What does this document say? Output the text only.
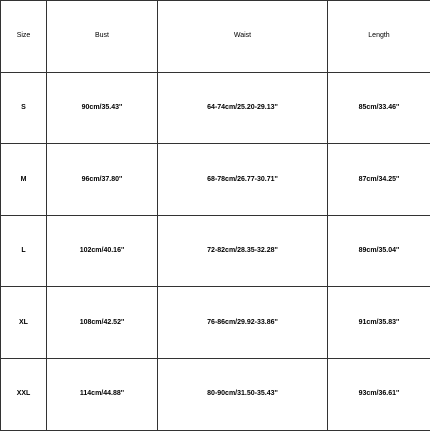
Size	Bust	Waist	Length
S	90cm/35.43''	64-74cm/25.20-29.13''	85cm/33.46''
M	96cm/37.80''	68-78cm/26.77-30.71''	87cm/34.25''
L	102cm/40.16''	72-82cm/28.35-32.28''	89cm/35.04''
XL	108cm/42.52''	76-86cm/29.92-33.86''	91cm/35.83''
XXL	114cm/44.88''	80-90cm/31.50-35.43''	93cm/36.61''
